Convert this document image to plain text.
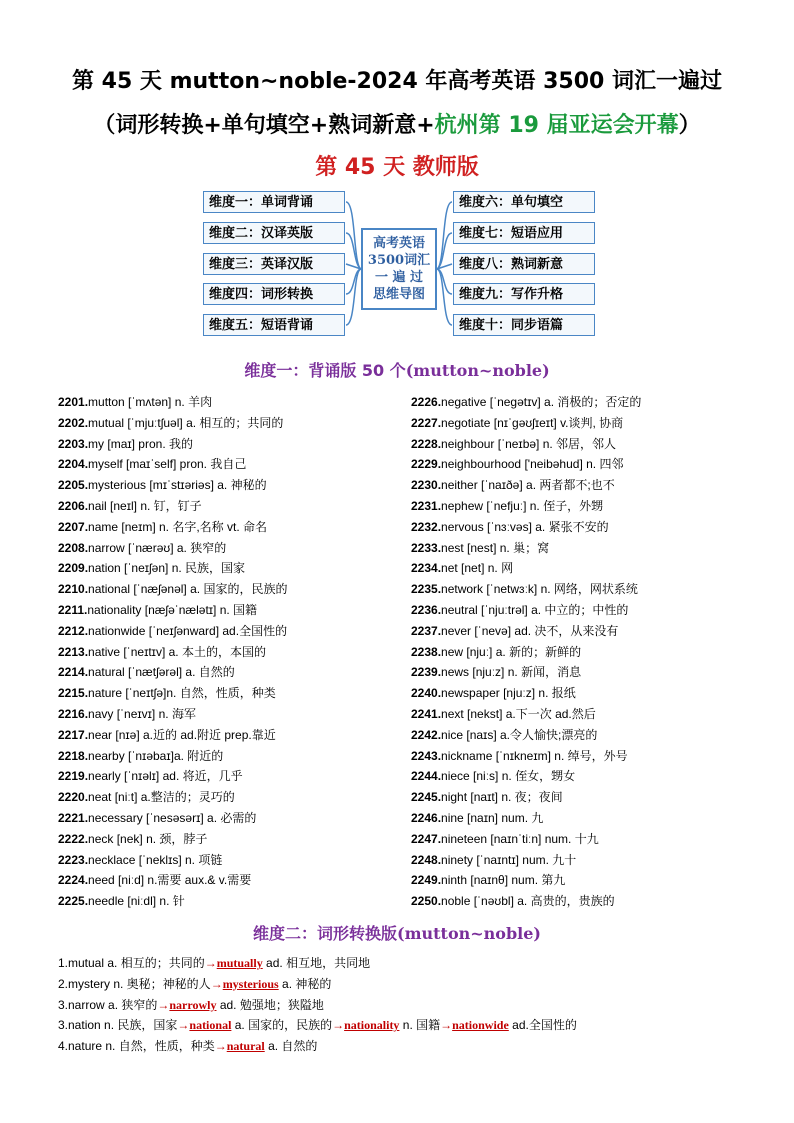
第 45 天 mutton~noble-2024 年高考英语 3500 词汇一遍过
（词形转换+单句填空+熟词新意+杭州第 19 届亚运会开幕）
第 45 天 教师版
维度一：单词背诵
维度二：汉译英版
维度三：英译汉版
维度四：词形转换
维度五：短语背诵
高考英语
3500词汇
一 遍 过
思维导图
维度六：单句填空
维度七：短语应用
维度八：熟词新意
维度九：写作升格
维度十：同步语篇
维度一：背诵版 50 个(mutton~noble)
2201.mutton [ˈmʌtən] n. 羊肉
2202.mutual [ˈmjuːtʃuəl] a. 相互的；共同的
2203.my [maɪ] pron. 我的
2204.myself [maɪˈself] pron. 我自己
2205.mysterious [mɪˈstɪəriəs] a. 神秘的
2206.nail [neɪl] n. 钉，钉子
2207.name [neɪm] n. 名字,名称 vt. 命名
2208.narrow [ˈnærəʊ] a. 狭窄的
2209.nation [ˈneɪʃən] n. 民族，国家
2210.national [ˈnæʃənəl] a. 国家的，民族的
2211.nationality [næʃəˈnælətɪ] n. 国籍
2212.nationwide [ˈneɪʃənward] ad.全国性的
2213.native [ˈneɪtɪv] a. 本土的，本国的
2214.natural [ˈnætʃərəl] a. 自然的
2215.nature [ˈneɪtʃə]n. 自然，性质，种类
2216.navy [ˈneɪvɪ] n. 海军
2217.near [nɪə] a.近的 ad.附近 prep.靠近
2218.nearby [ˈnɪəbaɪ]a. 附近的
2219.nearly [ˈnɪəlɪ] ad. 将近，几乎
2220.neat [niːt] a.整洁的；灵巧的
2221.necessary [ˈnesəsərɪ] a. 必需的
2222.neck [nek] n. 颈，脖子
2223.necklace [ˈneklɪs] n. 项链
2224.need [niːd] n.需要 aux.& v.需要
2225.needle [niːdl] n. 针
2226.negative [ˈnegətɪv] a. 消极的；否定的
2227.negotiate [nɪˈgəʊʃɪeɪt] v.谈判, 协商
2228.neighbour [ˈneɪbə] n. 邻居，邻人
2229.neighbourhood ['neibəhud] n. 四邻
2230.neither [ˈnaɪðə] a. 两者都不;也不
2231.nephew [ˈnefjuː] n. 侄子，外甥
2232.nervous [ˈnɜːvəs] a. 紧张不安的
2233.nest [nest] n. 巢；窝
2234.net [net] n. 网
2235.network [ˈnetwɜːk] n. 网络，网状系统
2236.neutral [ˈnjuːtrəl] a. 中立的；中性的
2237.never [ˈnevə] ad. 决不，从来没有
2238.new [njuː] a. 新的；新鲜的
2239.news [njuːz] n. 新闻，消息
2240.newspaper [njuːz] n. 报纸
2241.next [nekst] a.下一次 ad.然后
2242.nice [naɪs] a.令人愉快;漂亮的
2243.nickname [ˈnɪkneɪm] n. 绰号，外号
2244.niece [niːs] n. 侄女，甥女
2245.night [naɪt] n. 夜；夜间
2246.nine [naɪn] num. 九
2247.nineteen [naɪnˈtiːn] num. 十九
2248.ninety [ˈnaɪntɪ] num. 九十
2249.ninth [naɪnθ] num. 第九
2250.noble [ˈnəʊbl] a. 高贵的，贵族的
维度二：词形转换版(mutton~noble)
1.mutual a. 相互的；共同的→mutually ad. 相互地，共同地
2.mystery n. 奥秘；神秘的人→mysterious a. 神秘的
3.narrow a. 狭窄的→narrowly ad. 勉强地；狭隘地
3.nation n. 民族，国家→national a. 国家的，民族的→nationality n. 国籍→nationwide ad.全国性的
4.nature n. 自然，性质，种类→natural a. 自然的
